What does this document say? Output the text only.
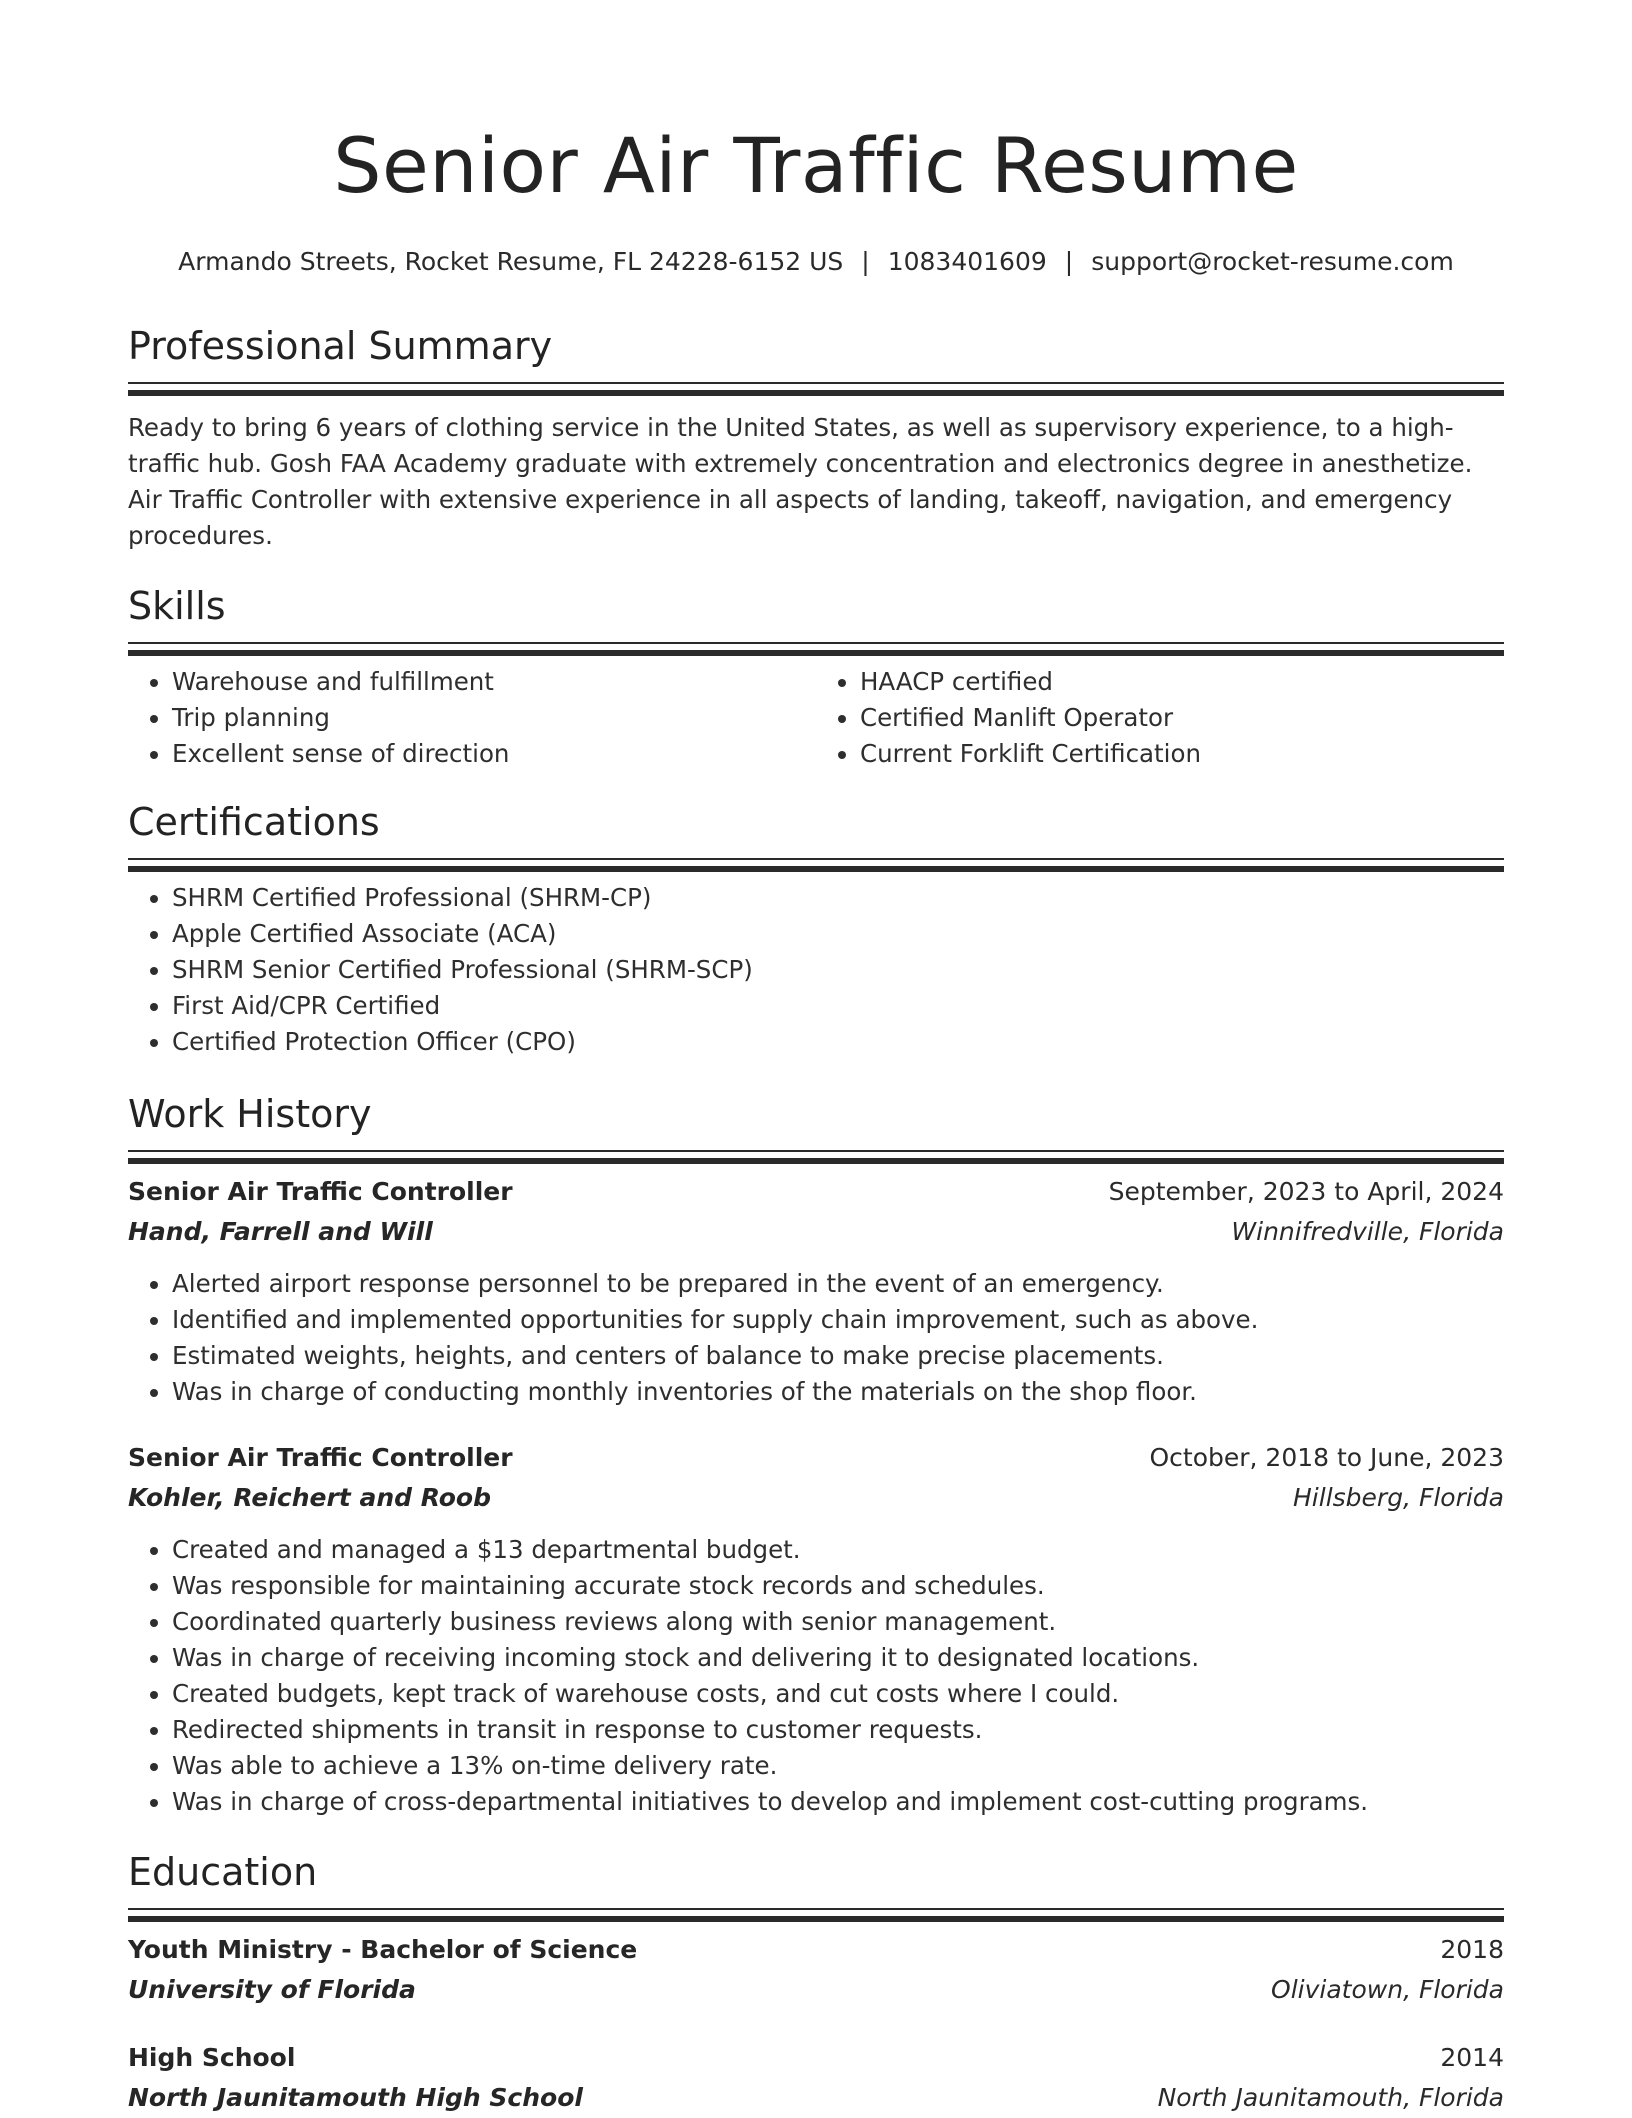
Senior Air Traffic Resume
Armando Streets, Rocket Resume, FL 24228-6152 US | 1083401609 | support@rocket-resume.com
Professional Summary

Ready to bring 6 years of clothing service in the United States, as well as supervisory experience, to a high-traffic hub. Gosh FAA Academy graduate with extremely concentration and electronics degree in anesthetize. Air Traffic Controller with extensive experience in all aspects of landing, takeoff, navigation, and emergency procedures.

Skills
• Warehouse and fulfillment
• Trip planning
• Excellent sense of direction
• HAACP certified
• Certified Manlift Operator
• Current Forklift Certification
Certifications
• SHRM Certified Professional (SHRM-CP)
• Apple Certified Associate (ACA)
• SHRM Senior Certified Professional (SHRM-SCP)
• First Aid/CPR Certified
• Certified Protection Officer (CPO)
Work History
Senior Air Traffic Controller	September, 2023 to April, 2024
Hand, Farrell and Will	Winnifredville, Florida
• Alerted airport response personnel to be prepared in the event of an emergency.
• Identified and implemented opportunities for supply chain improvement, such as above.
• Estimated weights, heights, and centers of balance to make precise placements.
• Was in charge of conducting monthly inventories of the materials on the shop floor.
Senior Air Traffic Controller	October, 2018 to June, 2023
Kohler, Reichert and Roob	Hillsberg, Florida
• Created and managed a $13 departmental budget.
• Was responsible for maintaining accurate stock records and schedules.
• Coordinated quarterly business reviews along with senior management.
• Was in charge of receiving incoming stock and delivering it to designated locations.
• Created budgets, kept track of warehouse costs, and cut costs where I could.
• Redirected shipments in transit in response to customer requests.
• Was able to achieve a 13% on-time delivery rate.
• Was in charge of cross-departmental initiatives to develop and implement cost-cutting programs.
Education
Youth Ministry - Bachelor of Science	2018
University of Florida	Oliviatown, Florida
High School	2014
North Jaunitamouth High School	North Jaunitamouth, Florida
